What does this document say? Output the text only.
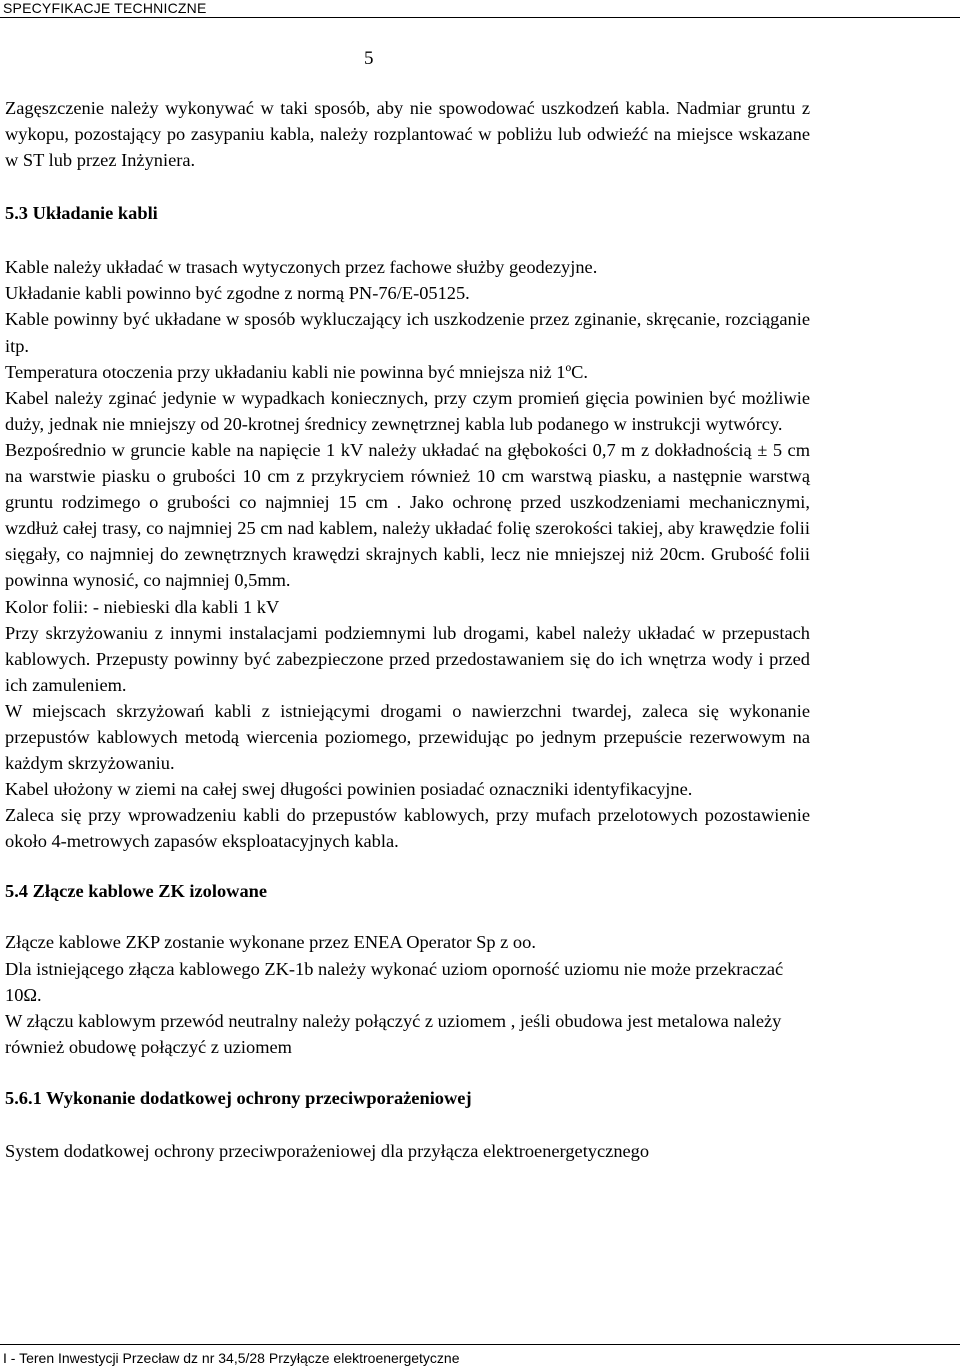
SPECYFIKACJE TECHNICZNE
5

Zagęszczenie należy wykonywać w taki sposób, aby nie spowodować uszkodzeń kabla. Nadmiar gruntu z wykopu, pozostający po zasypaniu kabla, należy rozplantować w pobliżu lub odwieźć na miejsce wskazane w ST lub przez Inżyniera.

5.3 Układanie kabli

Kable należy układać w trasach wytyczonych przez fachowe służby geodezyjne.

Układanie kabli powinno być zgodne z normą PN-76/E-05125.

Kable powinny być układane w sposób wykluczający ich uszkodzenie przez zginanie, skręcanie, rozciąganie itp.

Temperatura otoczenia przy układaniu kabli nie powinna być mniejsza niż 1ºC.

Kabel należy zginać jedynie w wypadkach koniecznych, przy czym promień gięcia powinien być możliwie duży, jednak nie mniejszy od 20-krotnej średnicy zewnętrznej kabla lub podanego w instrukcji wytwórcy.

Bezpośrednio w gruncie kable na napięcie 1 kV należy układać na głębokości 0,7 m z dokładnością ± 5 cm na warstwie piasku o grubości 10 cm z przykryciem również 10 cm warstwą piasku, a następnie warstwą gruntu rodzimego o grubości co najmniej 15 cm . Jako ochronę przed uszkodzeniami mechanicznymi, wzdłuż całej trasy, co najmniej 25 cm nad kablem, należy układać folię szerokości takiej, aby krawędzie folii sięgały, co najmniej do zewnętrznych krawędzi skrajnych kabli, lecz nie mniejszej niż 20cm. Grubość folii powinna wynosić, co najmniej 0,5mm.

Kolor folii: - niebieski dla kabli 1 kV

Przy skrzyżowaniu z innymi instalacjami podziemnymi lub drogami, kabel należy układać w przepustach kablowych. Przepusty powinny być zabezpieczone przed przedostawaniem się do ich wnętrza wody i przed ich zamuleniem.

W miejscach skrzyżowań kabli z istniejącymi drogami o nawierzchni twardej, zaleca się wykonanie przepustów kablowych metodą wiercenia poziomego, przewidując po jednym przepuście rezerwowym na każdym skrzyżowaniu.

Kabel ułożony w ziemi na całej swej długości powinien posiadać oznaczniki identyfikacyjne.

Zaleca się przy wprowadzeniu kabli do przepustów kablowych, przy mufach przelotowych pozostawienie około 4-metrowych zapasów eksploatacyjnych kabla.

5.4 Złącze kablowe ZK izolowane

Złącze kablowe ZKP zostanie wykonane przez ENEA Operator Sp z oo.

Dla istniejącego złącza kablowego ZK-1b należy wykonać uziom oporność uziomu nie może przekraczać 10Ω.

W złączu kablowym przewód neutralny należy połączyć z uziomem , jeśli obudowa jest metalowa należy również obudowę połączyć z uziomem

5.6.1 Wykonanie dodatkowej ochrony przeciwporażeniowej

System dodatkowej ochrony przeciwporażeniowej dla przyłącza elektroenergetycznego

I - Teren Inwestycji Przecław dz nr 34,5/28 Przyłącze elektroenergetyczne
